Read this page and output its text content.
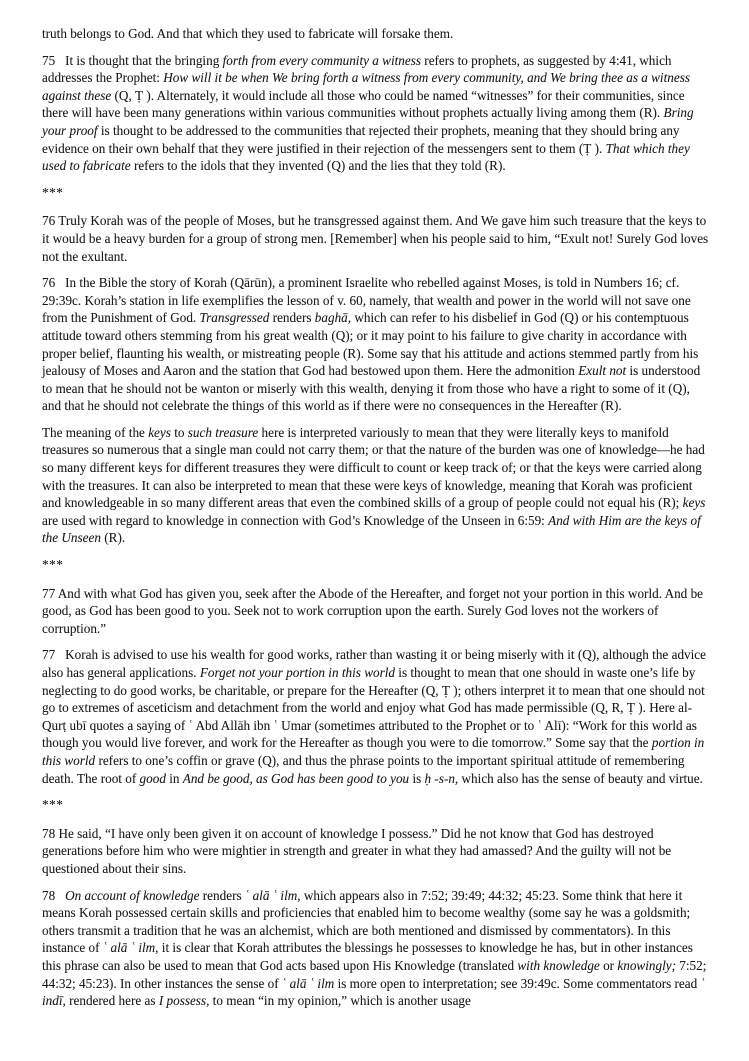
truth belongs to God. And that which they used to fabricate will forsake them.

75   It is thought that the bringing forth from every community a witness refers to prophets, as suggested by 4:41, which addresses the Prophet: How will it be when We bring forth a witness from every community, and We bring thee as a witness against these (Q, Ṭ ). Alternately, it would include all those who could be named “witnesses” for their communities, since there will have been many generations within various communities without prophets actually living among them (R). Bring your proof is thought to be addressed to the communities that rejected their prophets, meaning that they should bring any evidence on their own behalf that they were justified in their rejection of the messengers sent to them (Ṭ ). That which they used to fabricate refers to the idols that they invented (Q) and the lies that they told (R).

***

76 Truly Korah was of the people of Moses, but he transgressed against them. And We gave him such treasure that the keys to it would be a heavy burden for a group of strong men. [Remember] when his people said to him, “Exult not! Surely God loves not the exultant.

76   In the Bible the story of Korah (Qārūn), a prominent Israelite who rebelled against Moses, is told in Numbers 16; cf. 29:39c. Korah’s station in life exemplifies the lesson of v. 60, namely, that wealth and power in the world will not save one from the Punishment of God. Transgressed renders baghā, which can refer to his disbelief in God (Q) or his contemptuous attitude toward others stemming from his great wealth (Q); or it may point to his failure to give charity in accordance with proper belief, flaunting his wealth, or mistreating people (R). Some say that his attitude and actions stemmed partly from his jealousy of Moses and Aaron and the station that God had bestowed upon them. Here the admonition Exult not is understood to mean that he should not be wanton or miserly with this wealth, denying it from those who have a right to some of it (Q), and that he should not celebrate the things of this world as if there were no consequences in the Hereafter (R).

The meaning of the keys to such treasure here is interpreted variously to mean that they were literally keys to manifold treasures so numerous that a single man could not carry them; or that the nature of the burden was one of knowledge—he had so many different keys for different treasures they were difficult to count or keep track of; or that the keys were carried along with the treasures. It can also be interpreted to mean that these were keys of knowledge, meaning that Korah was proficient and knowledgeable in so many different areas that even the combined skills of a group of people could not equal his (R); keys are used with regard to knowledge in connection with God’s Knowledge of the Unseen in 6:59: And with Him are the keys of the Unseen (R).

***

77 And with what God has given you, seek after the Abode of the Hereafter, and forget not your portion in this world. And be good, as God has been good to you. Seek not to work corruption upon the earth. Surely God loves not the workers of corruption.”

77   Korah is advised to use his wealth for good works, rather than wasting it or being miserly with it (Q), although the advice also has general applications. Forget not your portion in this world is thought to mean that one should in waste one’s life by neglecting to do good works, be charitable, or prepare for the Hereafter (Q, Ṭ ); others interpret it to mean that one should not go to extremes of asceticism and detachment from the world and enjoy what God has made permissible (Q, R, Ṭ ). Here al-Qurṭ ubī quotes a saying of ʿ Abd Allāh ibn ʿ Umar (sometimes attributed to the Prophet or to ʿ Alī): “Work for this world as though you would live forever, and work for the Hereafter as though you were to die tomorrow.” Some say that the portion in this world refers to one’s coffin or grave (Q), and thus the phrase points to the important spiritual attitude of remembering death. The root of good in And be good, as God has been good to you is ḥ -s-n, which also has the sense of beauty and virtue.

***

78 He said, “I have only been given it on account of knowledge I possess.” Did he not know that God has destroyed generations before him who were mightier in strength and greater in what they had amassed? And the guilty will not be questioned about their sins.

78   On account of knowledge renders ʿ alā ʿ ilm, which appears also in 7:52; 39:49; 44:32; 45:23. Some think that here it means Korah possessed certain skills and proficiencies that enabled him to become wealthy (some say he was a goldsmith; others transmit a tradition that he was an alchemist, which are both mentioned and dismissed by commentators). In this instance of ʿ alā ʿ ilm, it is clear that Korah attributes the blessings he possesses to knowledge he has, but in other instances this phrase can also be used to mean that God acts based upon His Knowledge (translated with knowledge or knowingly; 7:52; 44:32; 45:23). In other instances the sense of ʿ alā ʿ ilm is more open to interpretation; see 39:49c. Some commentators read ʿ indī, rendered here as I possess, to mean “in my opinion,” which is another usage
